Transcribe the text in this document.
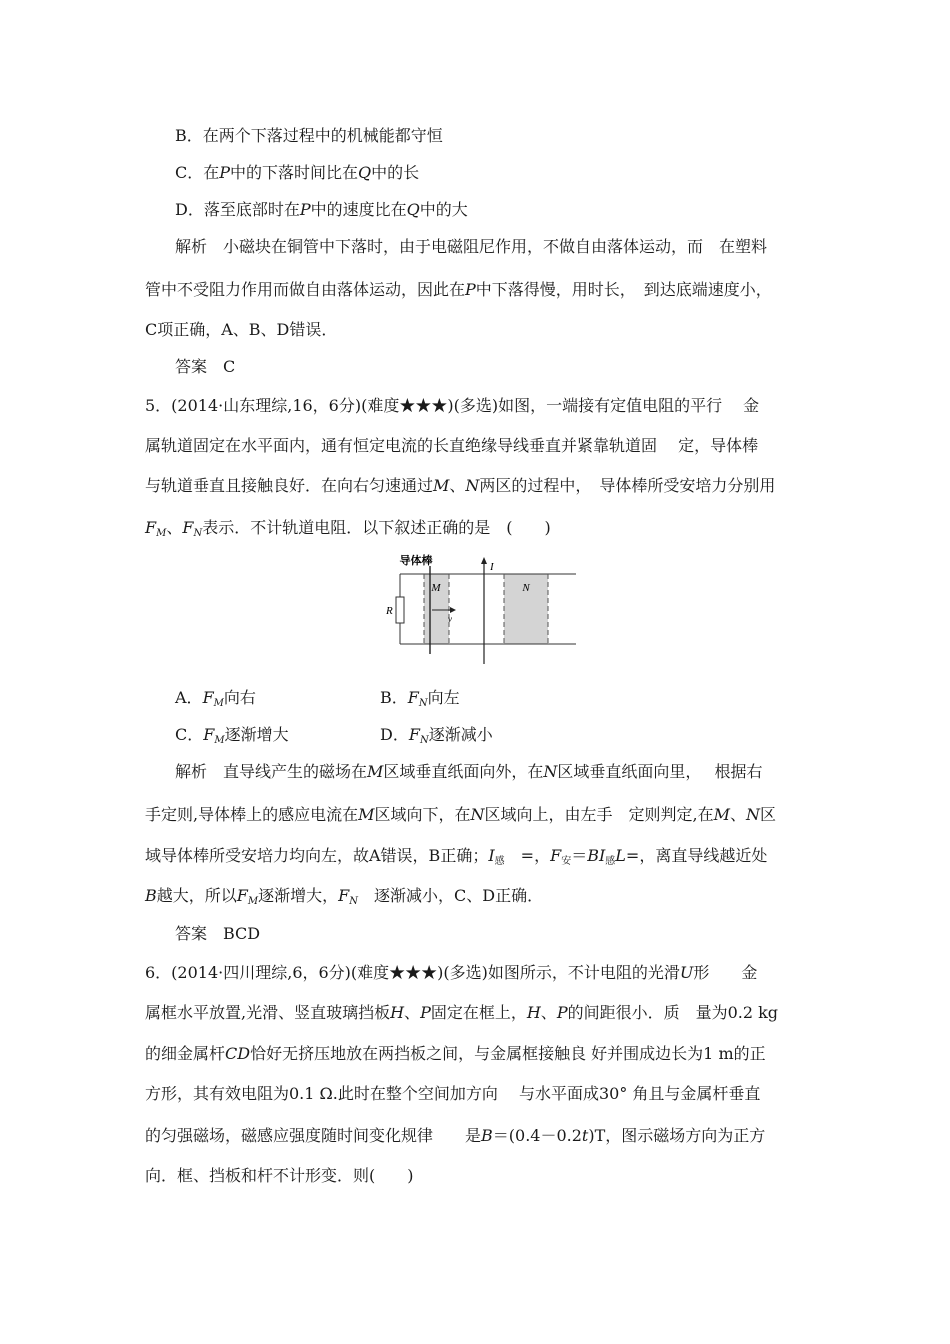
B．在两个下落过程中的机械能都守恒
C．在P中的下落时间比在Q中的长
D．落至底部时在P中的速度比在Q中的大
解析　小磁块在铜管中下落时，由于电磁阻尼作用，不做自由落体运动，而　在塑料
管中不受阻力作用而做自由落体运动，因此在P中下落得慢，用时长，　到达底端速度小，
C项正确，A、B、D错误．
答案　C
5．(2014·山东理综,16，6分)(难度★★★)(多选)如图，一端接有定值电阻的平行　 金
属轨道固定在水平面内，通有恒定电流的长直绝缘导线垂直并紧靠轨道固　 定，导体棒
与轨道垂直且接触良好．在向右匀速通过M、N两区的过程中，　导体棒所受安培力分别用
$F_M$、$F_N$表示．不计轨道电阻．以下叙述正确的是　(　　)
导体棒	I
M	N
R
v
A．$F_M$向右	B．$F_N$向左
C．$F_M$逐渐增大	D．$F_N$逐渐减小
解析　直导线产生的磁场在M区域垂直纸面向外，在N区域垂直纸面向里，　 根据右
手定则,导体棒上的感应电流在M区域向下，在N区域向上，由左手　定则判定,在M、N区
域导体棒所受安培力均向左，故A错误，B正确；$I_感$　=，$F_安=BI_感L=$，离直导线越近处
B越大，所以$F_M$逐渐增大，$F_N$　逐渐减小，C、D正确．
答案　BCD
6．(2014·四川理综,6，6分)(难度★★★)(多选)如图所示，不计电阻的光滑U形　　金
属框水平放置,光滑、竖直玻璃挡板H、P固定在框上，H、P的间距很小．质　量为0.2 kg
的细金属杆CD恰好无挤压地放在两挡板之间，与金属框接触良 好并围成边长为1 m的正
方形，其有效电阻为0.1 Ω.此时在整个空间加方向　 与水平面成30° 角且与金属杆垂直
的匀强磁场，磁感应强度随时间变化规律　　是B＝(0.4－0.2t)T，图示磁场方向为正方
向．框、挡板和杆不计形变．则(　　)
